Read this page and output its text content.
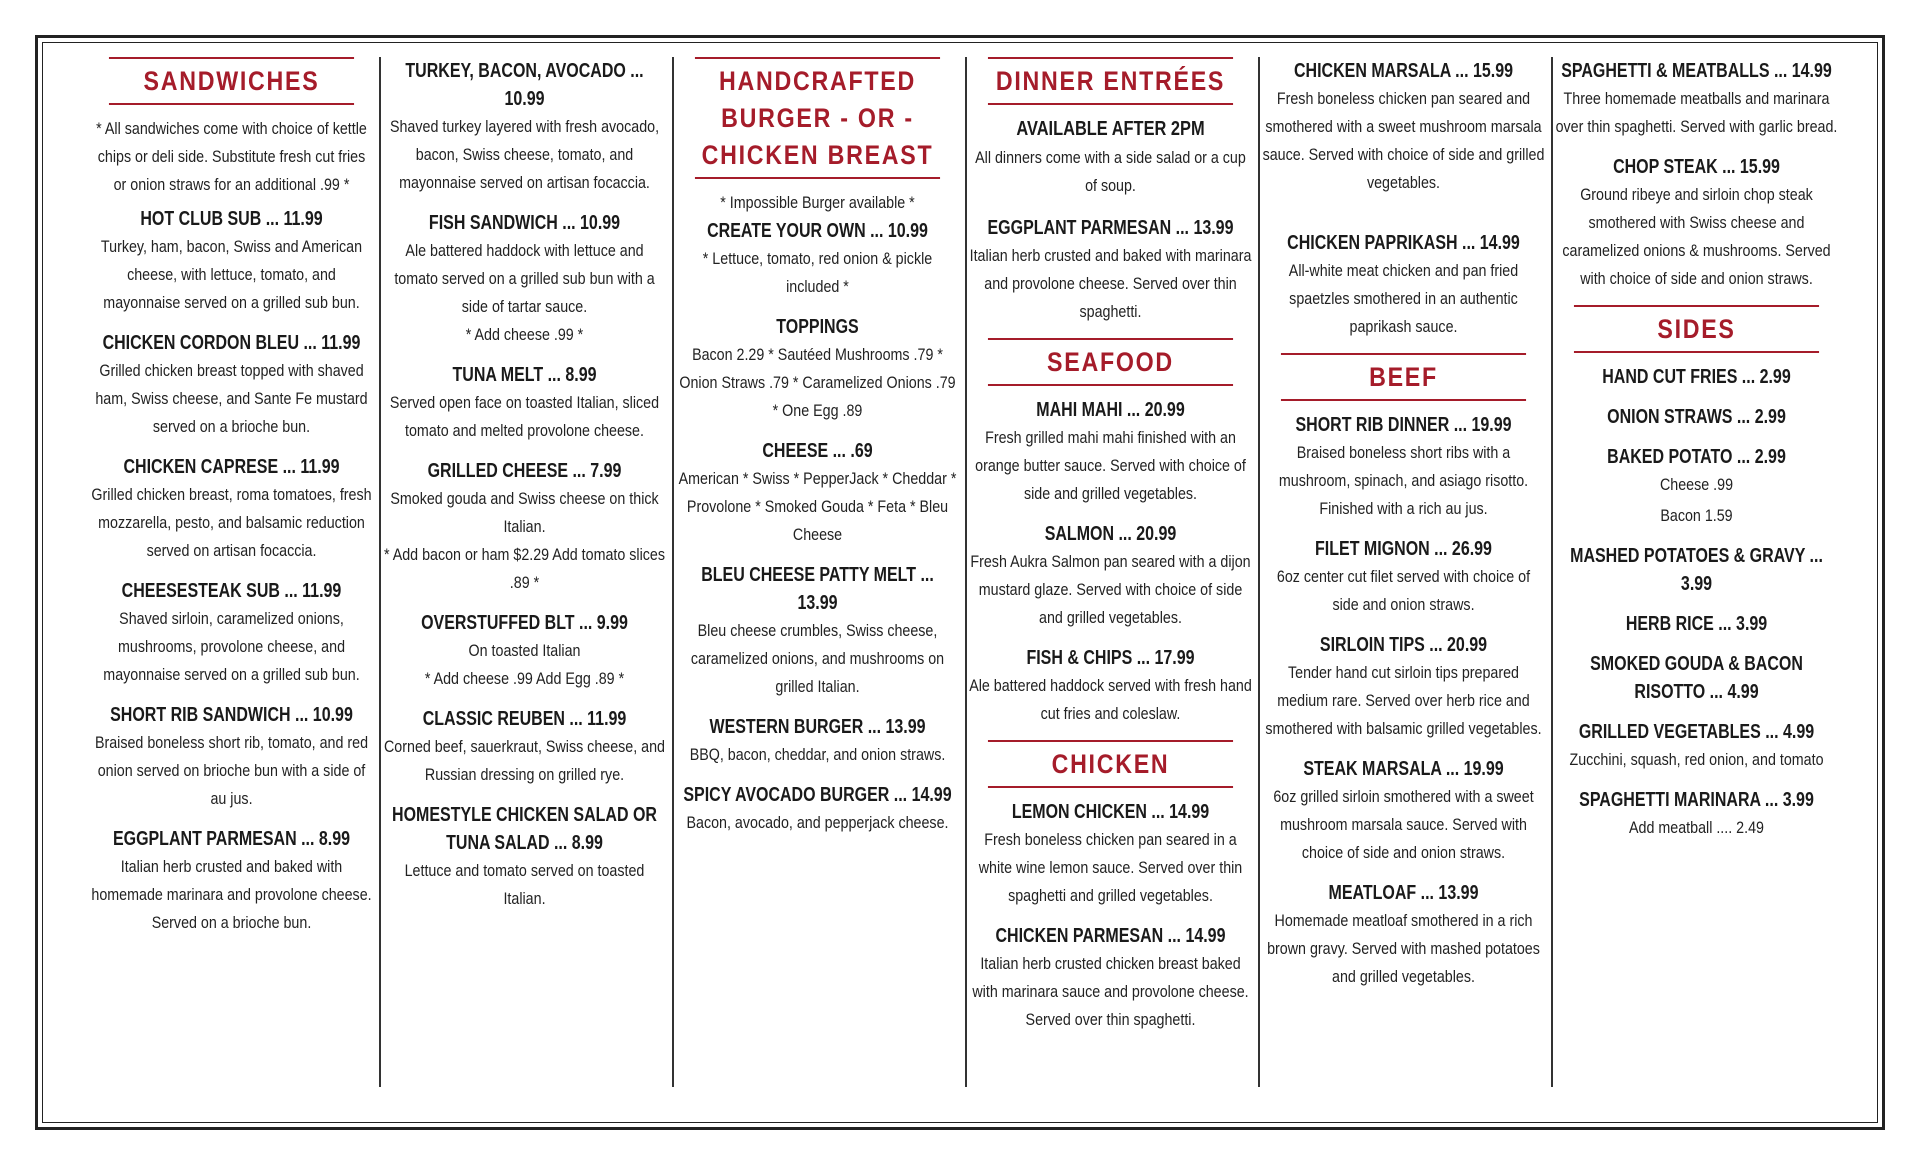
SANDWICHES
* All sandwiches come with choice of kettle chips or deli side. Substitute fresh cut fries or onion straws for an additional .99 *
HOT CLUB SUB ... 11.99
Turkey, ham, bacon, Swiss and American cheese, with lettuce, tomato, and mayonnaise served on a grilled sub bun.
CHICKEN CORDON BLEU ... 11.99
Grilled chicken breast topped with shaved ham, Swiss cheese, and Sante Fe mustard served on a brioche bun.
CHICKEN CAPRESE ... 11.99
Grilled chicken breast, roma tomatoes, fresh mozzarella, pesto, and balsamic reduction served on artisan focaccia.
CHEESESTEAK SUB ... 11.99
Shaved sirloin, caramelized onions, mushrooms, provolone cheese, and mayonnaise served on a grilled sub bun.
SHORT RIB SANDWICH ... 10.99
Braised boneless short rib, tomato, and red onion served on brioche bun with a side of au jus.
EGGPLANT PARMESAN ... 8.99
Italian herb crusted and baked with homemade marinara and provolone cheese. Served on a brioche bun.
TURKEY, BACON, AVOCADO ... 10.99
Shaved turkey layered with fresh avocado, bacon, Swiss cheese, tomato, and mayonnaise served on artisan focaccia.
FISH SANDWICH ... 10.99
Ale battered haddock with lettuce and tomato served on a grilled sub bun with a side of tartar sauce.
* Add cheese .99 *
TUNA MELT ... 8.99
Served open face on toasted Italian, sliced tomato and melted provolone cheese.
GRILLED CHEESE ... 7.99
Smoked gouda and Swiss cheese on thick Italian.
* Add bacon or ham $2.29 Add tomato slices .89 *
OVERSTUFFED BLT ... 9.99
On toasted Italian
* Add cheese .99 Add Egg .89 *
CLASSIC REUBEN ... 11.99
Corned beef, sauerkraut, Swiss cheese, and Russian dressing on grilled rye.
HOMESTYLE CHICKEN SALAD OR TUNA SALAD ... 8.99
Lettuce and tomato served on toasted Italian.
HANDCRAFTED BURGER - OR - CHICKEN BREAST
* Impossible Burger available *
CREATE YOUR OWN ... 10.99
* Lettuce, tomato, red onion & pickle included *
TOPPINGS
Bacon 2.29 * Sautéed Mushrooms .79 * Onion Straws .79 * Caramelized Onions .79 * One Egg .89
CHEESE ... .69
American * Swiss * PepperJack * Cheddar * Provolone * Smoked Gouda * Feta * Bleu Cheese
BLEU CHEESE PATTY MELT ... 13.99
Bleu cheese crumbles, Swiss cheese, caramelized onions, and mushrooms on grilled Italian.
WESTERN BURGER ... 13.99
BBQ, bacon, cheddar, and onion straws.
SPICY AVOCADO BURGER ... 14.99
Bacon, avocado, and pepperjack cheese.
DINNER ENTRÉES
AVAILABLE AFTER 2PM
All dinners come with a side salad or a cup of soup.
EGGPLANT PARMESAN ... 13.99
Italian herb crusted and baked with marinara and provolone cheese. Served over thin spaghetti.
SEAFOOD
MAHI MAHI ... 20.99
Fresh grilled mahi mahi finished with an orange butter sauce. Served with choice of side and grilled vegetables.
SALMON ... 20.99
Fresh Aukra Salmon pan seared with a dijon mustard glaze. Served with choice of side and grilled vegetables.
FISH & CHIPS ... 17.99
Ale battered haddock served with fresh hand cut fries and coleslaw.
CHICKEN
LEMON CHICKEN ... 14.99
Fresh boneless chicken pan seared in a white wine lemon sauce. Served over thin spaghetti and grilled vegetables.
CHICKEN PARMESAN ... 14.99
Italian herb crusted chicken breast baked with marinara sauce and provolone cheese. Served over thin spaghetti.
CHICKEN MARSALA ... 15.99
Fresh boneless chicken pan seared and smothered with a sweet mushroom marsala sauce. Served with choice of side and grilled vegetables.
CHICKEN PAPRIKASH ... 14.99
All-white meat chicken and pan fried spaetzles smothered in an authentic paprikash sauce.
BEEF
SHORT RIB DINNER ... 19.99
Braised boneless short ribs with a mushroom, spinach, and asiago risotto. Finished with a rich au jus.
FILET MIGNON ... 26.99
6oz center cut filet served with choice of side and onion straws.
SIRLOIN TIPS ... 20.99
Tender hand cut sirloin tips prepared medium rare. Served over herb rice and smothered with balsamic grilled vegetables.
STEAK MARSALA ... 19.99
6oz grilled sirloin smothered with a sweet mushroom marsala sauce. Served with choice of side and onion straws.
MEATLOAF ... 13.99
Homemade meatloaf smothered in a rich brown gravy. Served with mashed potatoes and grilled vegetables.
SPAGHETTI & MEATBALLS ... 14.99
Three homemade meatballs and marinara over thin spaghetti. Served with garlic bread.
CHOP STEAK ... 15.99
Ground ribeye and sirloin chop steak smothered with Swiss cheese and caramelized onions & mushrooms. Served with choice of side and onion straws.
SIDES
HAND CUT FRIES ... 2.99
ONION STRAWS ... 2.99
BAKED POTATO ... 2.99
Cheese .99
Bacon 1.59
MASHED POTATOES & GRAVY ... 3.99
HERB RICE ... 3.99
SMOKED GOUDA & BACON RISOTTO ... 4.99
GRILLED VEGETABLES ... 4.99
Zucchini, squash, red onion, and tomato
SPAGHETTI MARINARA ... 3.99
Add meatball .... 2.49
